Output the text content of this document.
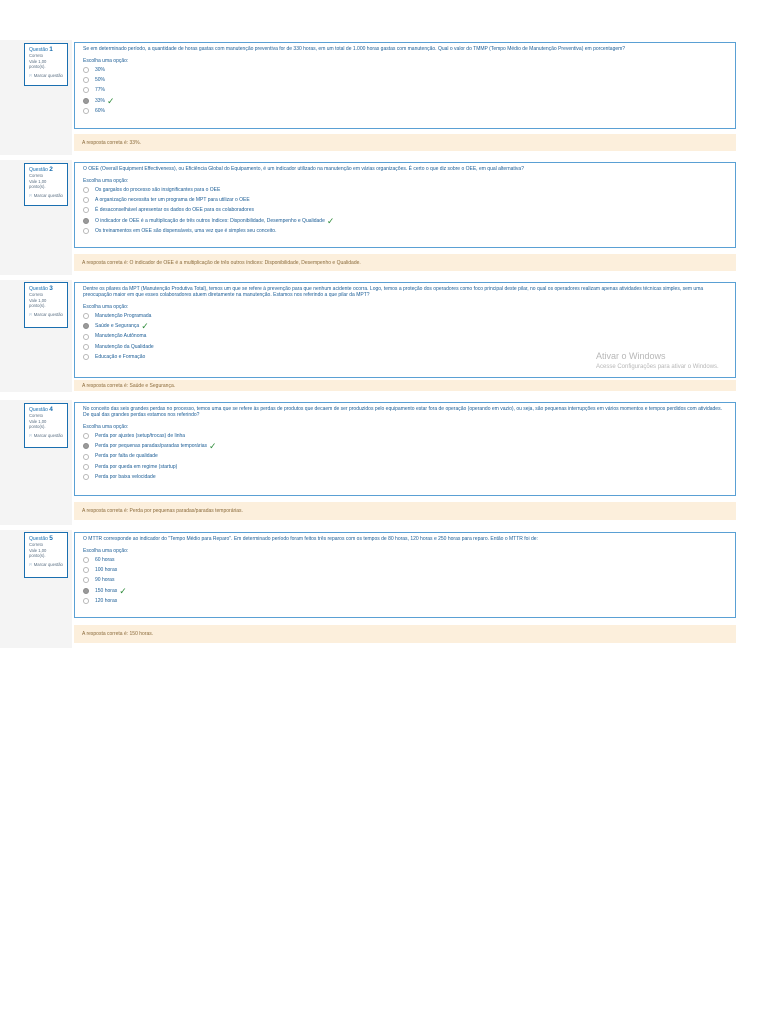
Questão 1
Correto
Vale 1,00 ponto(s).
⚐ Marcar questão
Se em determinado período, a quantidade de horas gastas com manutenção preventiva for de 330 horas, em um total de 1.000 horas gastas com manutenção. Qual o valor do TMMP (Tempo Médio de Manutenção Preventiva) em porcentagem?
Escolha uma opção:
30%
50%
77%
33% ✓
60%
A resposta correta é: 33%.
Questão 2
Correto
Vale 1,00 ponto(s).
⚐ Marcar questão
O OEE (Overall Equipment Effectiveness), ou Eficiência Global do Equipamento, é um indicador utilizado na manutenção em várias organizações. É certo o que diz sobre o OEE, em qual alternativa?
Escolha uma opção:
Os gargalos do processo são insignificantes para o OEE
A organização necessita ter um programa de MPT para utilizar o OEE
É desaconselhável apresentar os dados do OEE para os colaboradores
O indicador de OEE é a multiplicação de três outros índices: Disponibilidade, Desempenho e Qualidade ✓
Os treinamentos em OEE são dispensáveis, uma vez que é simples seu conceito.
A resposta correta é: O indicador de OEE é a multiplicação de três outros índices: Disponibilidade, Desempenho e Qualidade.
Questão 3
Correto
Vale 1,00 ponto(s).
⚐ Marcar questão
Dentre os pilares da MPT (Manutenção Produtiva Total), temos um que se refere à prevenção para que nenhum acidente ocorra. Logo, temos a proteção dos operadores como foco principal deste pilar, no qual os operadores realizam apenas atividades técnicas simples, sem uma preocupação maior em que esses colaboradores atuem diretamente na manutenção. Estamos nos referindo a que pilar da MPT?
Escolha uma opção:
Manutenção Programada
Saúde e Segurança ✓
Manutenção Autônoma
Manutenção da Qualidade
Educação e Formação
A resposta correta é: Saúde e Segurança.
Questão 4
Correto
Vale 1,00 ponto(s).
⚐ Marcar questão
No conceito das seis grandes perdas no processo, temos uma que se refere às perdas de produtos que decaem de ser produzidos pelo equipamento estar fora de operação (operando em vazio), ou seja, são pequenas interrupções em vários momentos e tempos perdidos com atividades. De qual das grandes perdas estamos nos referindo?
Escolha uma opção:
Perda por ajustes (setup/trocas) de linha
Perda por pequenas paradas/paradas temporárias ✓
Perda por falta de qualidade
Perda por queda em regime (startup)
Perda por baixa velocidade
A resposta correta é: Perda por pequenas paradas/paradas temporárias.
Questão 5
Correto
Vale 1,00 ponto(s).
⚐ Marcar questão
O MTTR corresponde ao indicador do "Tempo Médio para Reparo". Em determinado período foram feitos três reparos com os tempos de 80 horas, 120 horas e 250 horas para reparo. Então o MTTR foi de:
Escolha uma opção:
60 horas
100 horas
90 horas
150 horas ✓
120 horas
A resposta correta é: 150 horas.
Ativar o Windows
Acesse Configurações para ativar o Windows.
